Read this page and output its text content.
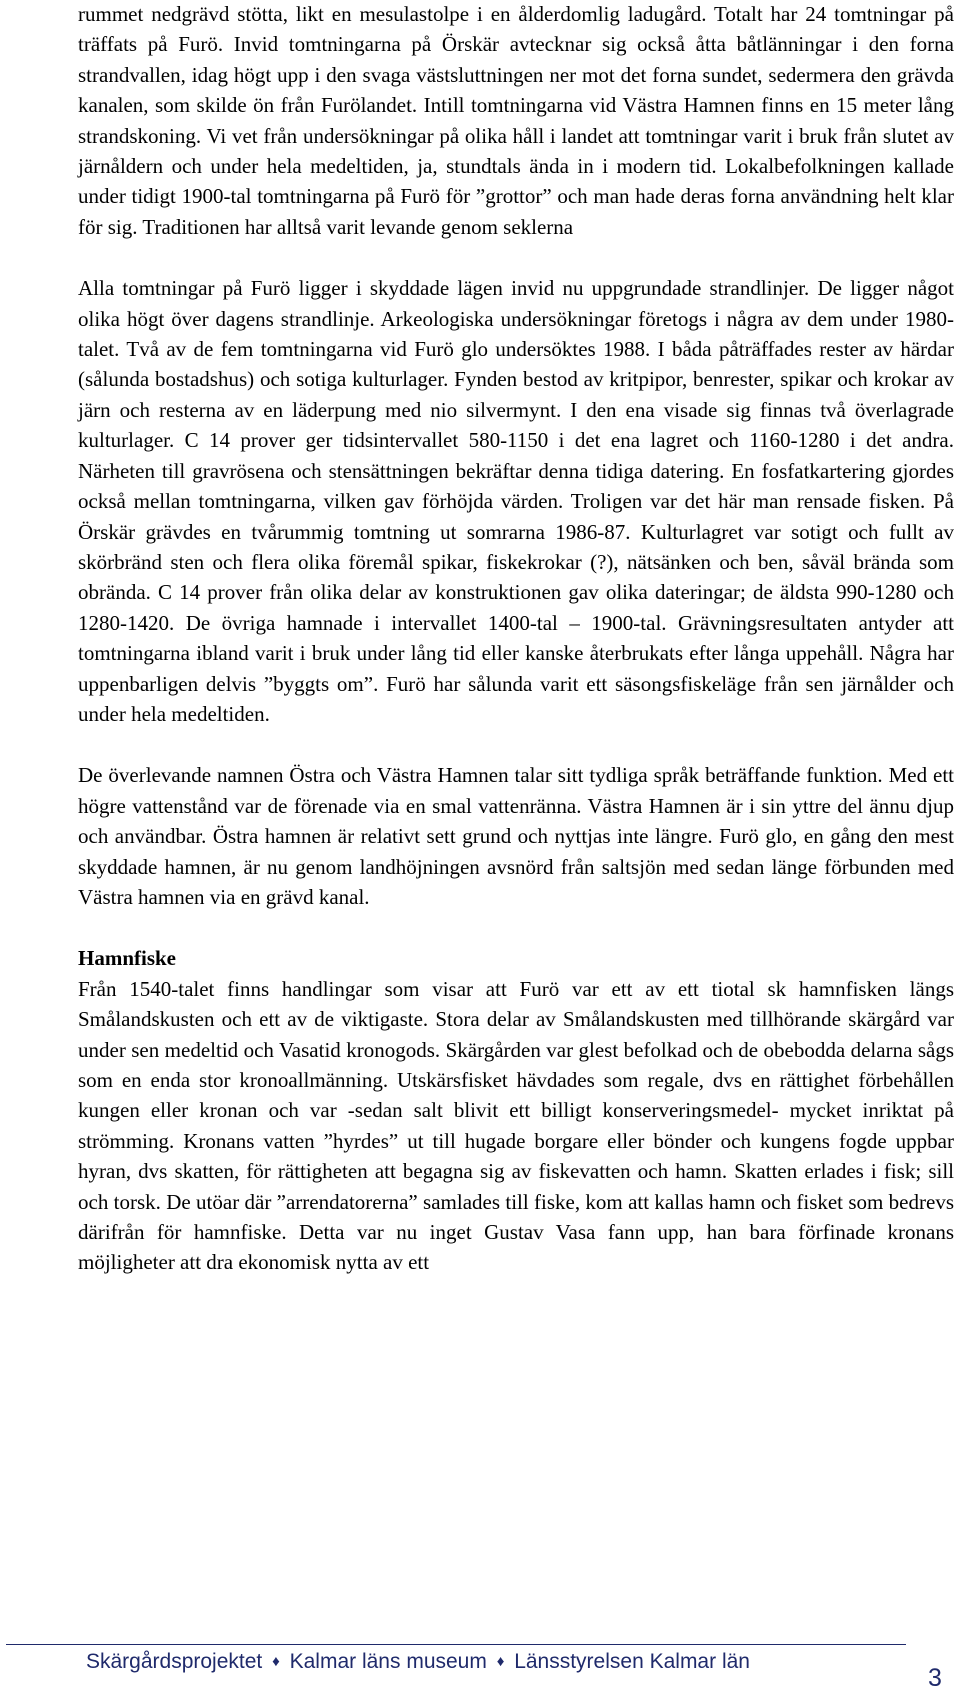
rummet nedgrävd stötta, likt en mesulastolpe i en ålderdomlig ladugård. Totalt har 24 tomtningar på träffats på Furö. Invid tomtningarna på Örskär avtecknar sig också åtta båtlänningar i den forna strandvallen, idag högt upp i den svaga västsluttningen ner mot det forna sundet, sedermera den grävda kanalen, som skilde ön från Furölandet. Intill tomtningarna vid Västra Hamnen finns en 15 meter lång strandskoning. Vi vet från undersökningar på olika håll i landet att tomtningar varit i bruk från slutet av järnåldern och under hela medeltiden, ja, stundtals ända in i modern tid. Lokalbefolkningen kallade under tidigt 1900-tal tomtningarna på Furö för ”grottor” och man hade deras forna användning helt klar för sig. Traditionen har alltså varit levande genom seklerna

Alla tomtningar på Furö ligger i skyddade lägen invid nu uppgrundade strandlinjer. De ligger något olika högt över dagens strandlinje. Arkeologiska undersökningar företogs i några av dem under 1980-talet. Två av de fem tomtningarna vid Furö glo undersöktes 1988. I båda påträffades rester av härdar (sålunda bostadshus) och sotiga kulturlager. Fynden bestod av kritpipor, benrester, spikar och krokar av järn och resterna av en läderpung med nio silvermynt. I den ena visade sig finnas två överlagrade kulturlager. C 14 prover ger tidsintervallet 580-1150 i det ena lagret och 1160-1280 i det andra. Närheten till gravrösena och stensättningen bekräftar denna tidiga datering. En fosfatkartering gjordes också mellan tomtningarna, vilken gav förhöjda värden. Troligen var det här man rensade fisken. På Örskär grävdes en tvårummig tomtning ut somrarna 1986-87. Kulturlagret var sotigt och fullt av skörbränd sten och flera olika föremål spikar, fiskekrokar (?), nätsänken och ben, såväl brända som obrända. C 14 prover från olika delar av konstruktionen gav olika dateringar; de äldsta 990-1280 och 1280-1420. De övriga hamnade i intervallet 1400-tal – 1900-tal. Grävningsresultaten antyder att tomtningarna ibland varit i bruk under lång tid eller kanske återbrukats efter långa uppehåll. Några har uppenbarligen delvis ”byggts om”. Furö har sålunda varit ett säsongsfiskeläge från sen järnålder och under hela medeltiden.

De överlevande namnen Östra och Västra Hamnen talar sitt tydliga språk beträffande funktion. Med ett högre vattenstånd var de förenade via en smal vattenränna. Västra Hamnen är i sin yttre del ännu djup och användbar. Östra hamnen är relativt sett grund och nyttjas inte längre. Furö glo, en gång den mest skyddade hamnen, är nu genom landhöjningen avsnörd från saltsjön med sedan länge förbunden med Västra hamnen via en grävd kanal.

Hamnfiske

Från 1540-talet finns handlingar som visar att Furö var ett av ett tiotal sk hamnfisken längs Smålandskusten och ett av de viktigaste. Stora delar av Smålandskusten med tillhörande skärgård var under sen medeltid och Vasatid kronogods. Skärgården var glest befolkad och de obebodda delarna sågs som en enda stor kronoallmänning. Utskärsfisket hävdades som regale, dvs en rättighet förbehållen kungen eller kronan och var -sedan salt blivit ett billigt konserveringsmedel- mycket inriktat på strömming. Kronans vatten ”hyrdes” ut till hugade borgare eller bönder och kungens fogde uppbar hyran, dvs skatten, för rättigheten att begagna sig av fiskevatten och hamn. Skatten erlades i fisk; sill och torsk. De utöar där ”arrendatorerna” samlades till fiske, kom att kallas hamn och fisket som bedrevs därifrån för hamnfiske. Detta var nu inget Gustav Vasa fann upp, han bara förfinade kronans möjligheter att dra ekonomisk nytta av ett

Skärgårdsprojektet ♦ Kalmar läns museum ♦ Länsstyrelsen Kalmar län
3
